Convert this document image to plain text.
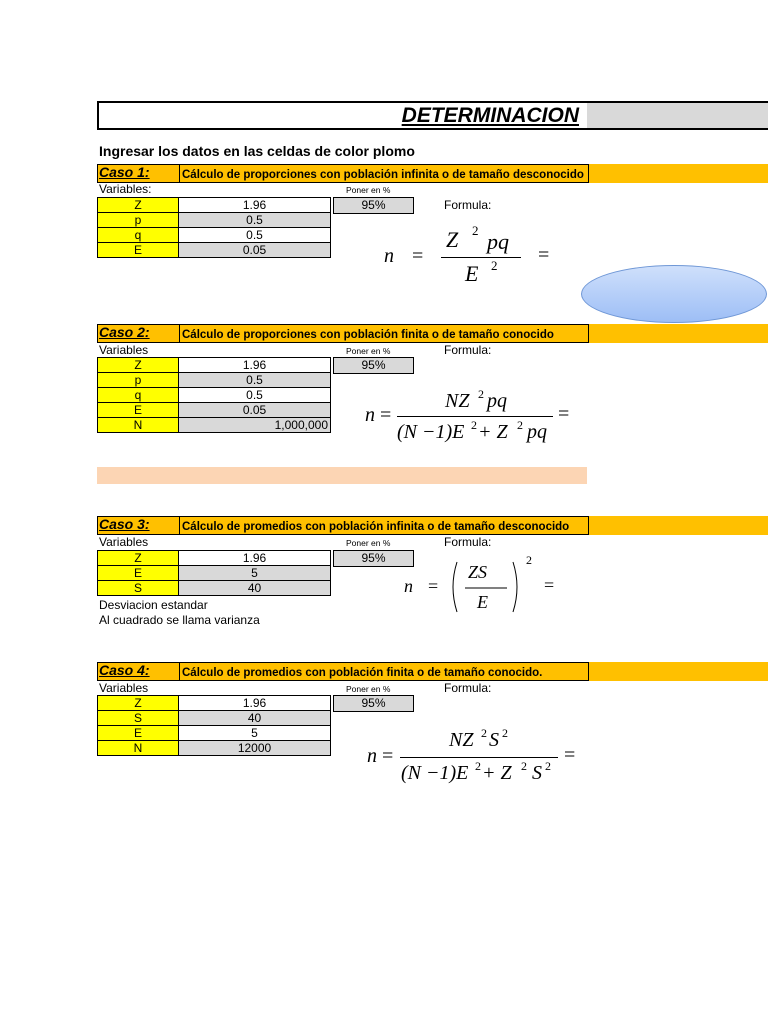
DETERMINACION
Ingresar los datos en las celdas de color plomo
Caso 1:	Cálculo de proporciones con población infinita o de tamaño desconocido
Variables:	Poner en %
95%	Formula:
Z	1.96
p	0.5
q	0.5
E	0.05	n =
Z 2 pq
E 2 =
Caso 2:	Cálculo de proporciones con población finita o de tamaño conocido
Variables	Poner en %	Formula:
95%
Z	1.96
p	0.5
q	0.5
E	0.05
N	1,000,000 n =
NZ 2 pq
(N −1)E 2 + Z 2 pq
=
Caso 3:	Cálculo de promedios con población infinita o de tamaño desconocido
Variables	Poner en %	Formula:
95%
Z	1.96
E	5
S	40
Desviacion estandar
Al cuadrado se llama varianza
n =
ZS
E
2
=
Caso 4:	Cálculo de promedios con población finita o de tamaño conocido.
Variables	Poner en %	Formula:
95%
Z	1.96
S	40
E	5
N	12000	n =
NZ 2 S 2
(N −1)E 2 + Z 2 S 2 =
